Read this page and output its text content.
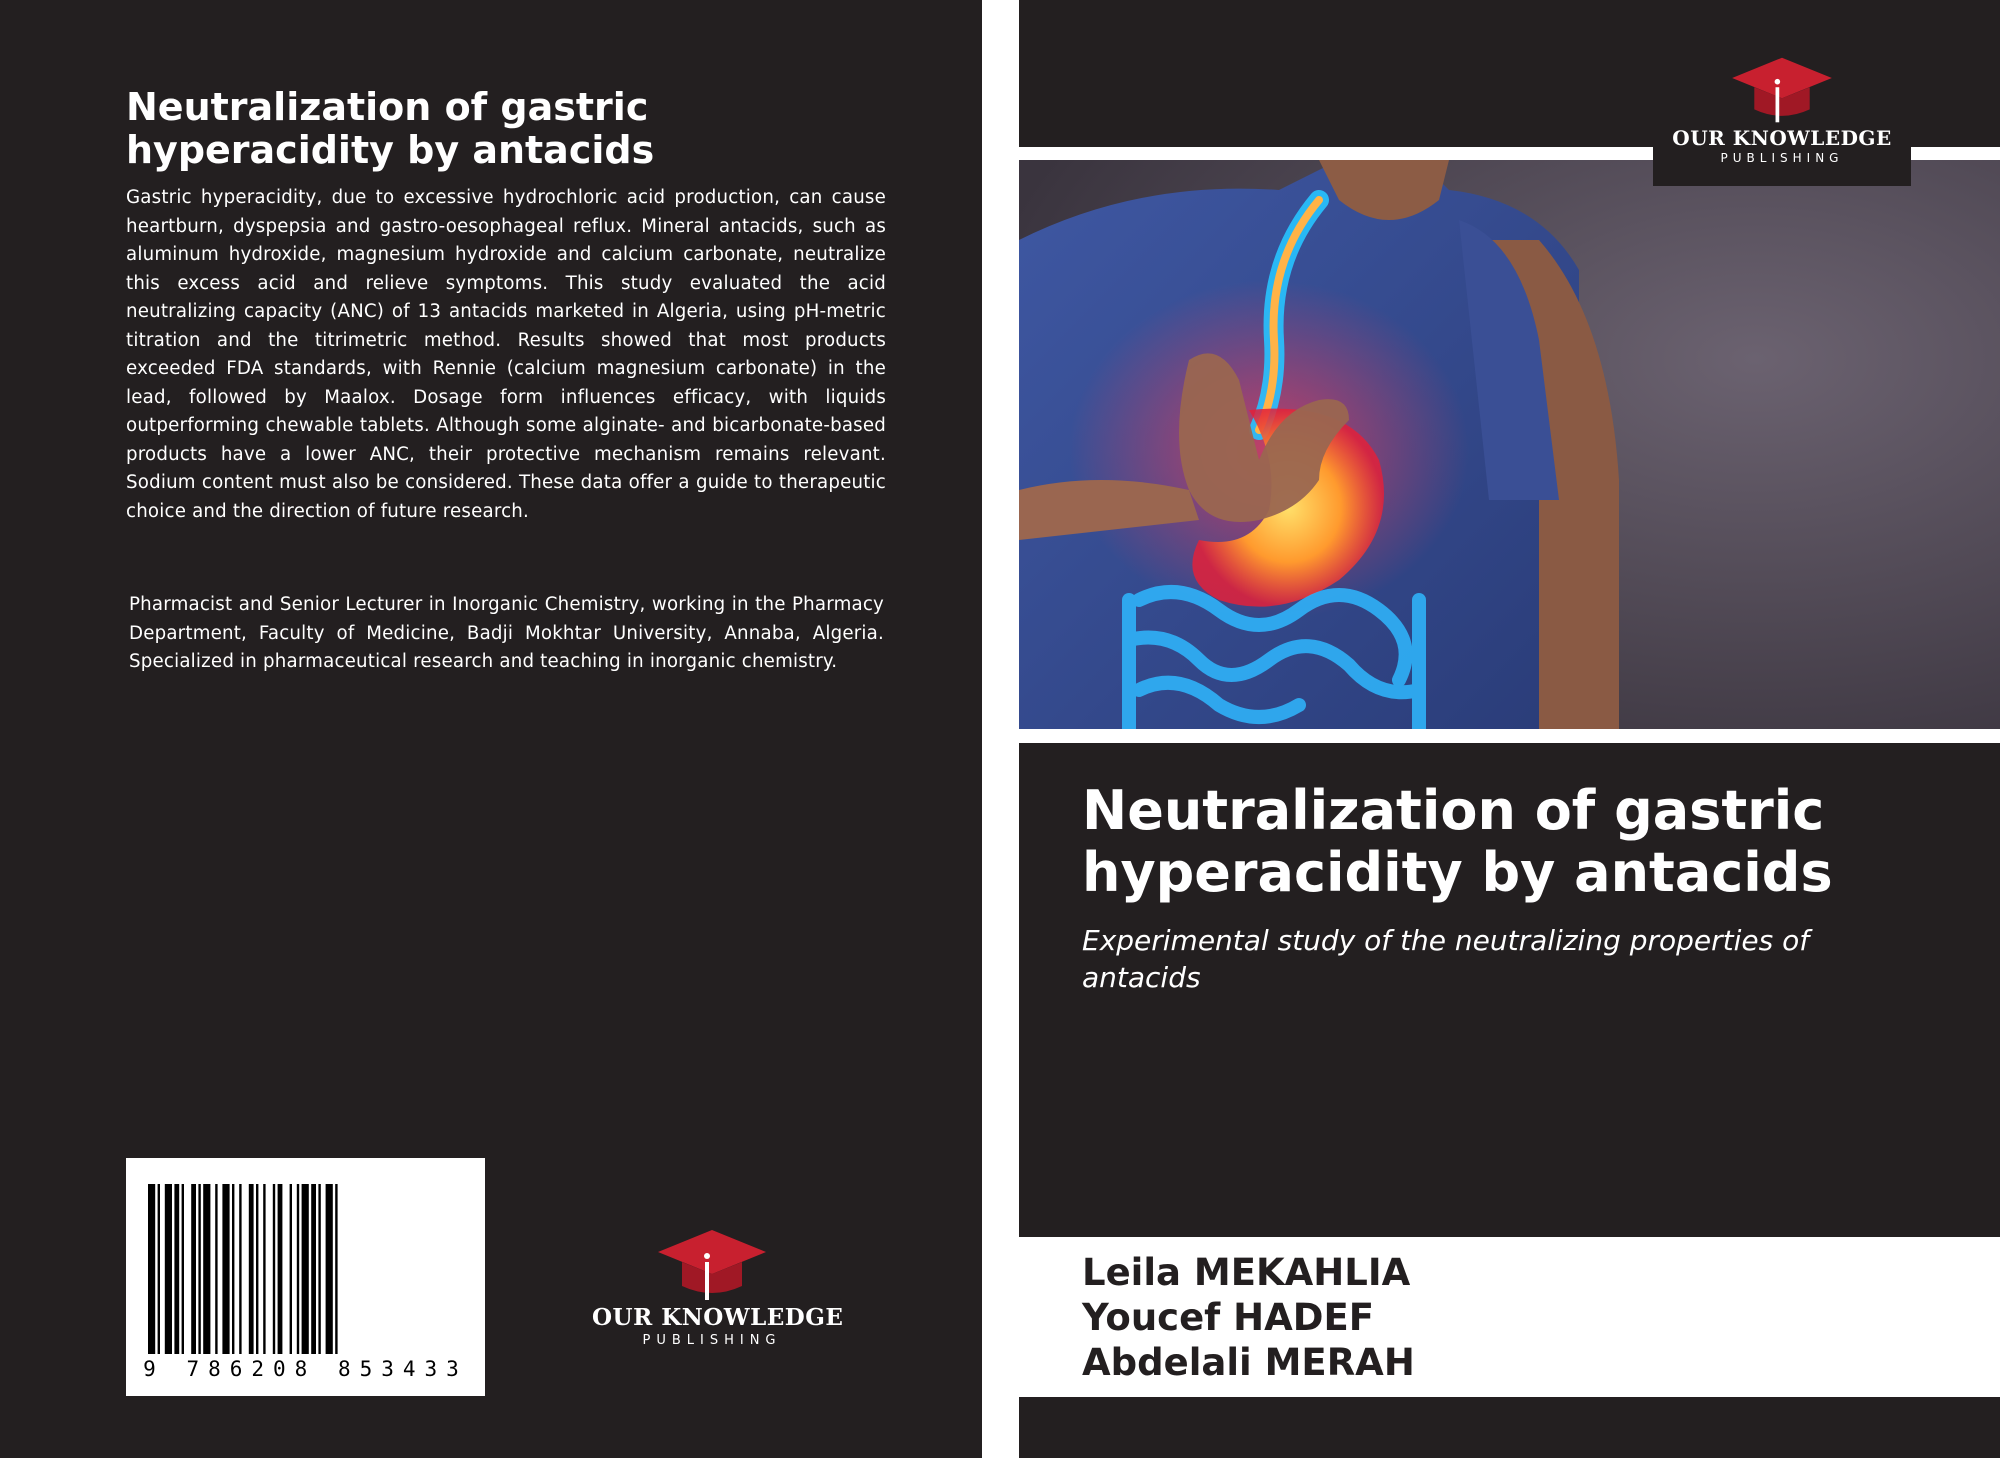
Neutralization of gastric hyperacidity by antacids
Gastric hyperacidity, due to excessive hydrochloric acid production, can cause heartburn, dyspepsia and gastro-oesophageal reflux. Mineral antacids, such as aluminum hydroxide, magnesium hydroxide and calcium carbonate, neutralize this excess acid and relieve symptoms. This study evaluated the acid neutralizing capacity (ANC) of 13 antacids marketed in Algeria, using pH-metric titration and the titrimetric method. Results showed that most products exceeded FDA standards, with Rennie (calcium magnesium carbonate) in the lead, followed by Maalox. Dosage form influences efficacy, with liquids outperforming chewable tablets. Although some alginate- and bicarbonate-based products have a lower ANC, their protective mechanism remains relevant. Sodium content must also be considered. These data offer a guide to therapeutic choice and the direction of future research.
Pharmacist and Senior Lecturer in Inorganic Chemistry, working in the Pharmacy Department, Faculty of Medicine, Badji Mokhtar University, Annaba, Algeria. Specialized in pharmaceutical research and teaching in inorganic chemistry.
9 786208 853433
OUR KNOWLEDGE
PUBLISHING
OUR KNOWLEDGE
PUBLISHING
Neutralization of gastric hyperacidity by antacids
Experimental study of the neutralizing properties of antacids
Leila MEKAHLIA
Youcef HADEF
Abdelali MERAH
